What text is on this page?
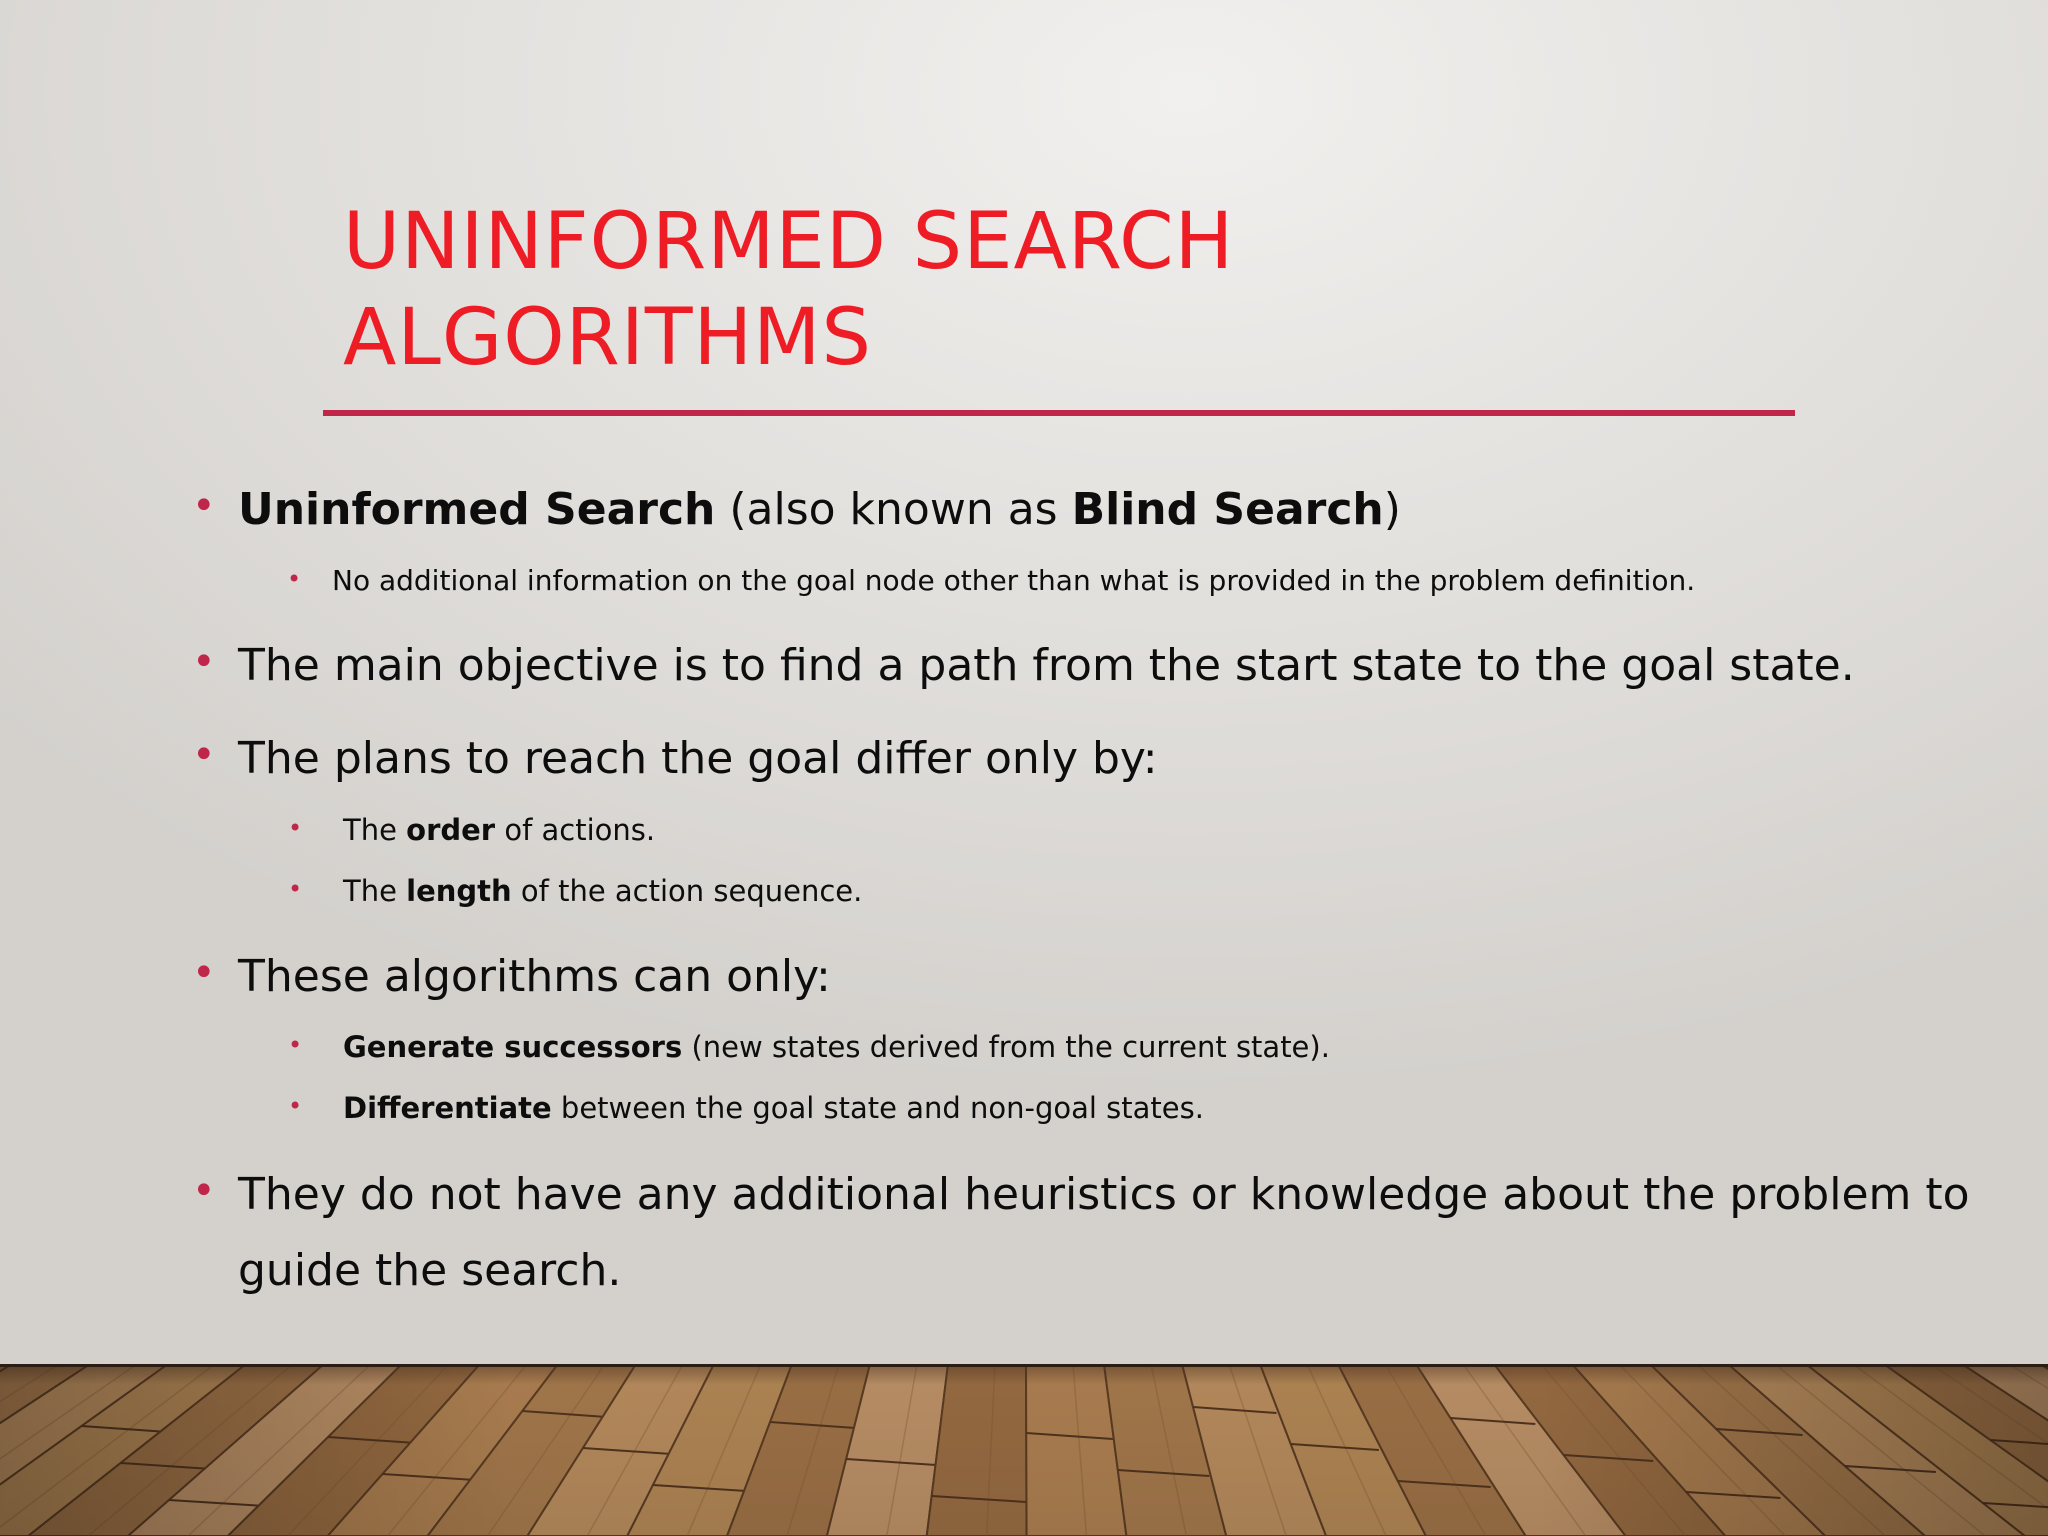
UNINFORMED SEARCH
ALGORITHMS
• Uninformed Search (also known as Blind Search)
• No additional information on the goal node other than what is provided in the problem definition.
• The main objective is to find a path from the start state to the goal state.
• The plans to reach the goal differ only by:
• The order of actions.
• The length of the action sequence.
• These algorithms can only:
• Generate successors (new states derived from the current state).
• Differentiate between the goal state and non-goal states.
• They do not have any additional heuristics or knowledge about the problem to
guide the search.
